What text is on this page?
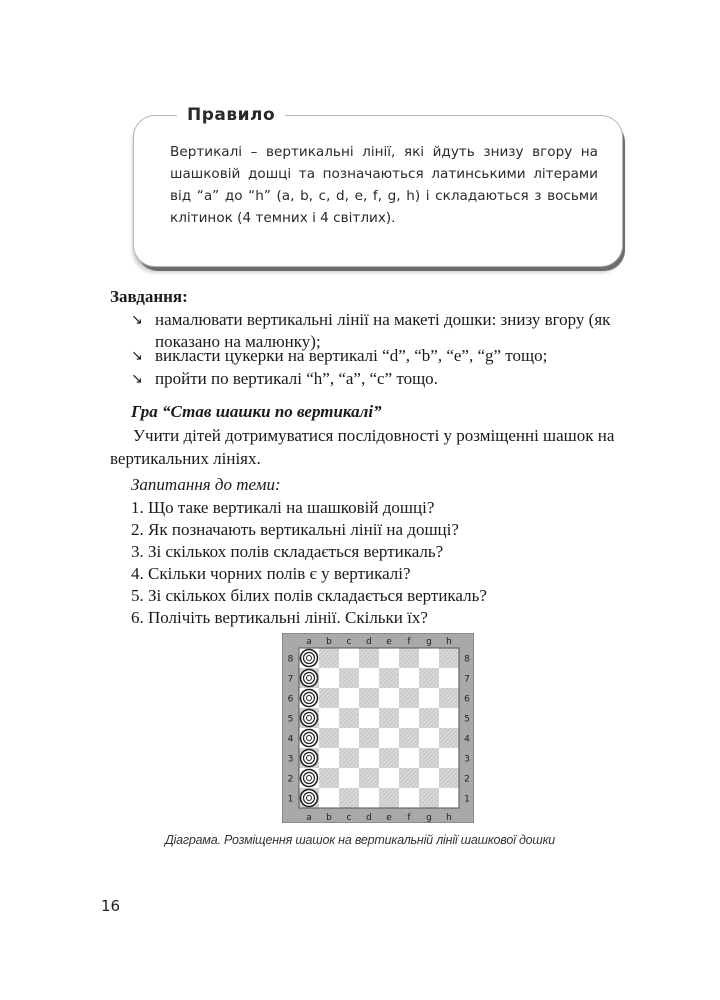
Правило
Вертикалі – вертикальні лінії, які йдуть знизу вгору на шашковій дошці та позначаються латинськими літерами від “a” до “h” (a, b, c, d, e, f, g, h) і складаються з восьми клітинок (4 темних і 4 світлих).
Завдання:
↘ намалювати вертикальні лінії на макеті дошки: знизу вгору (як
показано на малюнку);
↘ викласти цукерки на вертикалі “d”, “b”, “e”, “g” тощо;
↘ пройти по вертикалі “h”, “a”, “c” тощо.
Гра “Став шашки по вертикалі”
Учити дітей дотримуватися послідовності у розміщенні шашок на вертикальних лініях.
Запитання до теми:
1. Що таке вертикалі на шашковій дошці?
2. Як позначають вертикальні лінії на дошці?
3. Зі скількох полів складається вертикаль?
4. Скільки чорних полів є у вертикалі?
5. Зі скількох білих полів складається вертикаль?
6. Полічіть вертикальні лінії. Скільки їх?
a
a
b
b
c
c
d
d
e
e
f
f
g
g
h
h
8	8
7	7
6	6
5	5
4	4
3	3
2	2
1	1
Діаграма. Розміщення шашок на вертикальній лінії шашкової дошки
16
